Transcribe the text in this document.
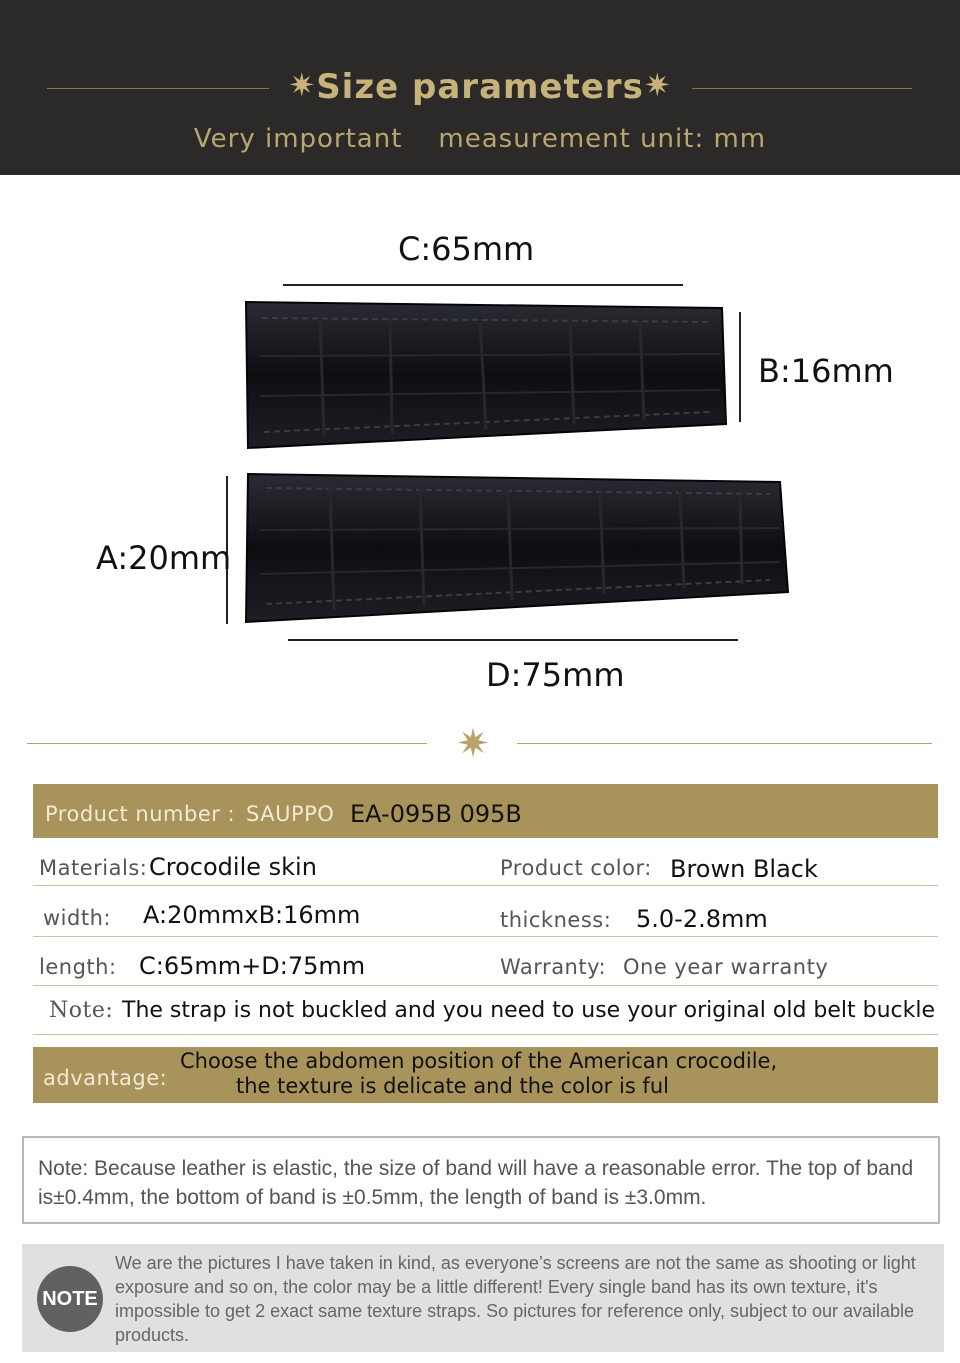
✷Size parameters✷
Very important measurement unit: mm
C:65mm
B:16mm
A:20mm
D:75mm
✷
Product number : SAUPPO EA-095B 095B
Materials: Crocodile skin	Product color: Brown Black
width: A:20mmxB:16mm	thickness: 5.0-2.8mm
length: C:65mm+D:75mm	Warranty: One year warranty
Note: The strap is not buckled and you need to use your original old belt buckle
advantage:
Choose the abdomen position of the American crocodile,
the texture is delicate and the color is ful

Note: Because leather is elastic, the size of band will have a reasonable error. The top of band is±0.4mm, the bottom of band is ±0.5mm, the length of band is ±3.0mm.

NOTE

We are the pictures I have taken in kind, as everyone’s screens are not the same as shooting or light exposure and so on, the color may be a little different! Every single band has its own texture, it's impossible to get 2 exact same texture straps. So pictures for reference only, subject to our available products.
